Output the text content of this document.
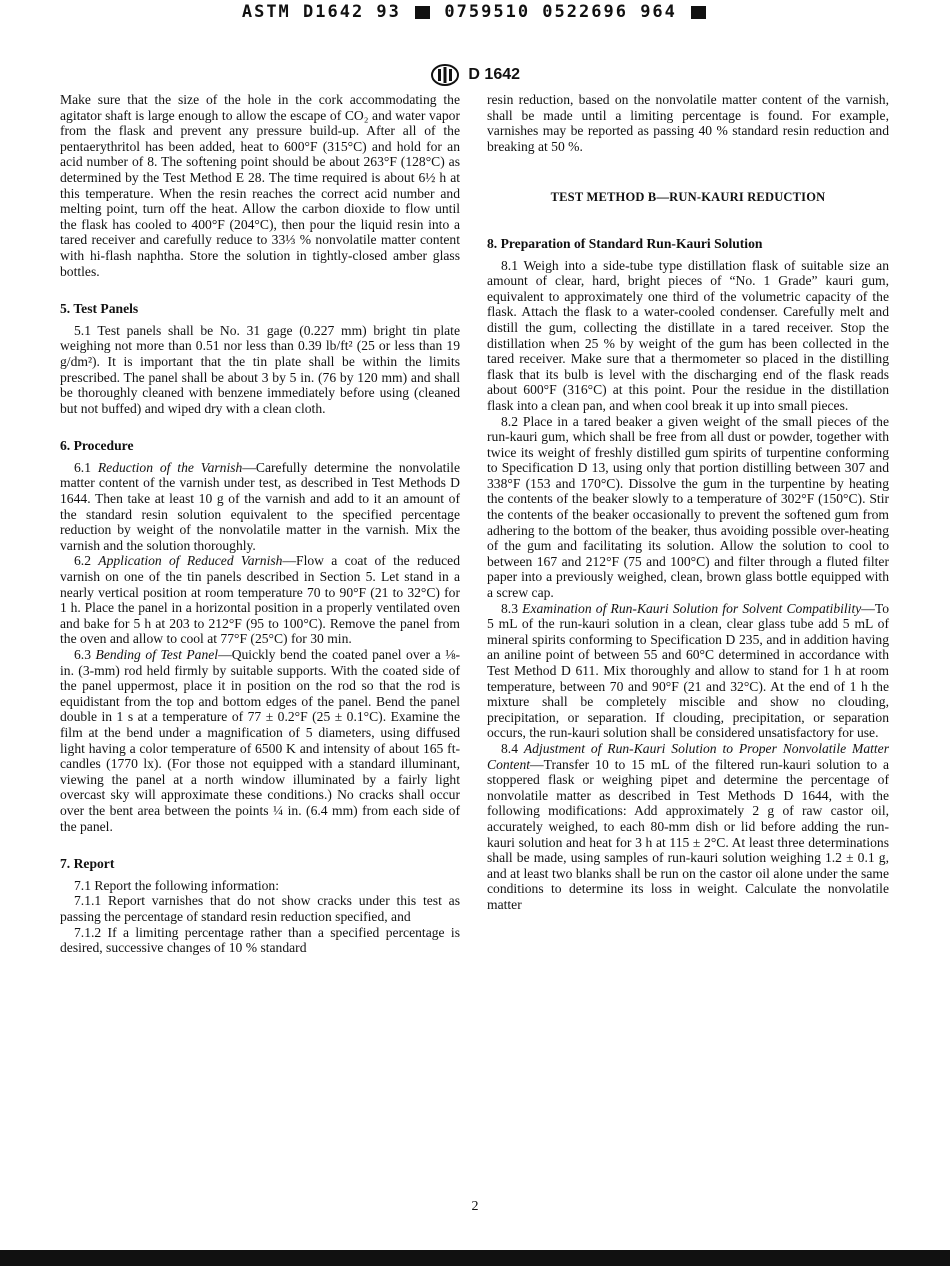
ASTM D1642 93	0759510 0522696 964
D 1642

Make sure that the size of the hole in the cork accommodating the agitator shaft is large enough to allow the escape of CO₂ and water vapor from the flask and prevent any pressure build-up. After all of the pentaerythritol has been added, heat to 600°F (315°C) and hold for an acid number of 8. The softening point should be about 263°F (128°C) as determined by the Test Method E 28. The time required is about 6½ h at this temperature. When the resin reaches the correct acid number and melting point, turn off the heat. Allow the carbon dioxide to flow until the flask has cooled to 400°F (204°C), then pour the liquid resin into a tared receiver and carefully reduce to 33⅓ % nonvolatile matter content with hi-flash naphtha. Store the solution in tightly-closed amber glass bottles.

5. Test Panels

5.1 Test panels shall be No. 31 gage (0.227 mm) bright tin plate weighing not more than 0.51 nor less than 0.39 lb/ft² (25 or less than 19 g/dm²). It is important that the tin plate shall be within the limits prescribed. The panel shall be about 3 by 5 in. (76 by 120 mm) and shall be thoroughly cleaned with benzene immediately before using (cleaned but not buffed) and wiped dry with a clean cloth.

6. Procedure

6.1 Reduction of the Varnish—Carefully determine the nonvolatile matter content of the varnish under test, as described in Test Methods D 1644. Then take at least 10 g of the varnish and add to it an amount of the standard resin solution equivalent to the specified percentage reduction by weight of the nonvolatile matter in the varnish. Mix the varnish and the solution thoroughly.

6.2 Application of Reduced Varnish—Flow a coat of the reduced varnish on one of the tin panels described in Section 5. Let stand in a nearly vertical position at room temperature 70 to 90°F (21 to 32°C) for 1 h. Place the panel in a horizontal position in a properly ventilated oven and bake for 5 h at 203 to 212°F (95 to 100°C). Remove the panel from the oven and allow to cool at 77°F (25°C) for 30 min.

6.3 Bending of Test Panel—Quickly bend the coated panel over a ⅛-in. (3-mm) rod held firmly by suitable supports. With the coated side of the panel uppermost, place it in position on the rod so that the rod is equidistant from the top and bottom edges of the panel. Bend the panel double in 1 s at a temperature of 77 ± 0.2°F (25 ± 0.1°C). Examine the film at the bend under a magnification of 5 diameters, using diffused light having a color temperature of 6500 K and intensity of about 165 ft-candles (1770 lx). (For those not equipped with a standard illuminant, viewing the panel at a north window illuminated by a fairly light overcast sky will approximate these conditions.) No cracks shall occur over the bent area between the points ¼ in. (6.4 mm) from each side of the panel.

7. Report

7.1 Report the following information:

7.1.1 Report varnishes that do not show cracks under this test as passing the percentage of standard resin reduction specified, and

7.1.2 If a limiting percentage rather than a specified percentage is desired, successive changes of 10 % standard

resin reduction, based on the nonvolatile matter content of the varnish, shall be made until a limiting percentage is found. For example, varnishes may be reported as passing 40 % standard resin reduction and breaking at 50 %.

TEST METHOD B—RUN-KAURI REDUCTION
8. Preparation of Standard Run-Kauri Solution

8.1 Weigh into a side-tube type distillation flask of suitable size an amount of clear, hard, bright pieces of “No. 1 Grade” kauri gum, equivalent to approximately one third of the volumetric capacity of the flask. Attach the flask to a water-cooled condenser. Carefully melt and distill the gum, collecting the distillate in a tared receiver. Stop the distillation when 25 % by weight of the gum has been collected in the tared receiver. Make sure that a thermometer so placed in the distilling flask that its bulb is level with the discharging end of the flask reads about 600°F (316°C) at this point. Pour the residue in the distillation flask into a clean pan, and when cool break it up into small pieces.

8.2 Place in a tared beaker a given weight of the small pieces of the run-kauri gum, which shall be free from all dust or powder, together with twice its weight of freshly distilled gum spirits of turpentine conforming to Specification D 13, using only that portion distilling between 307 and 338°F (153 and 170°C). Dissolve the gum in the turpentine by heating the contents of the beaker slowly to a temperature of 302°F (150°C). Stir the contents of the beaker occasionally to prevent the softened gum from adhering to the bottom of the beaker, thus avoiding possible over-heating of the gum and facilitating its solution. Allow the solution to cool to between 167 and 212°F (75 and 100°C) and filter through a fluted filter paper into a previously weighed, clean, brown glass bottle equipped with a screw cap.

8.3 Examination of Run-Kauri Solution for Solvent Compatibility—To 5 mL of the run-kauri solution in a clean, clear glass tube add 5 mL of mineral spirits conforming to Specification D 235, and in addition having an aniline point of between 55 and 60°C determined in accordance with Test Method D 611. Mix thoroughly and allow to stand for 1 h at room temperature, between 70 and 90°F (21 and 32°C). At the end of 1 h the mixture shall be completely miscible and show no clouding, precipitation, or separation. If clouding, precipitation, or separation occurs, the run-kauri solution shall be considered unsatisfactory for use.

8.4 Adjustment of Run-Kauri Solution to Proper Nonvolatile Matter Content—Transfer 10 to 15 mL of the filtered run-kauri solution to a stoppered flask or weighing pipet and determine the percentage of nonvolatile matter as described in Test Methods D 1644, with the following modifications: Add approximately 2 g of raw castor oil, accurately weighed, to each 80-mm dish or lid before adding the run-kauri solution and heat for 3 h at 115 ± 2°C. At least three determinations shall be made, using samples of run-kauri solution weighing 1.2 ± 0.1 g, and at least two blanks shall be run on the castor oil alone under the same conditions to determine its loss in weight. Calculate the nonvolatile matter

2
